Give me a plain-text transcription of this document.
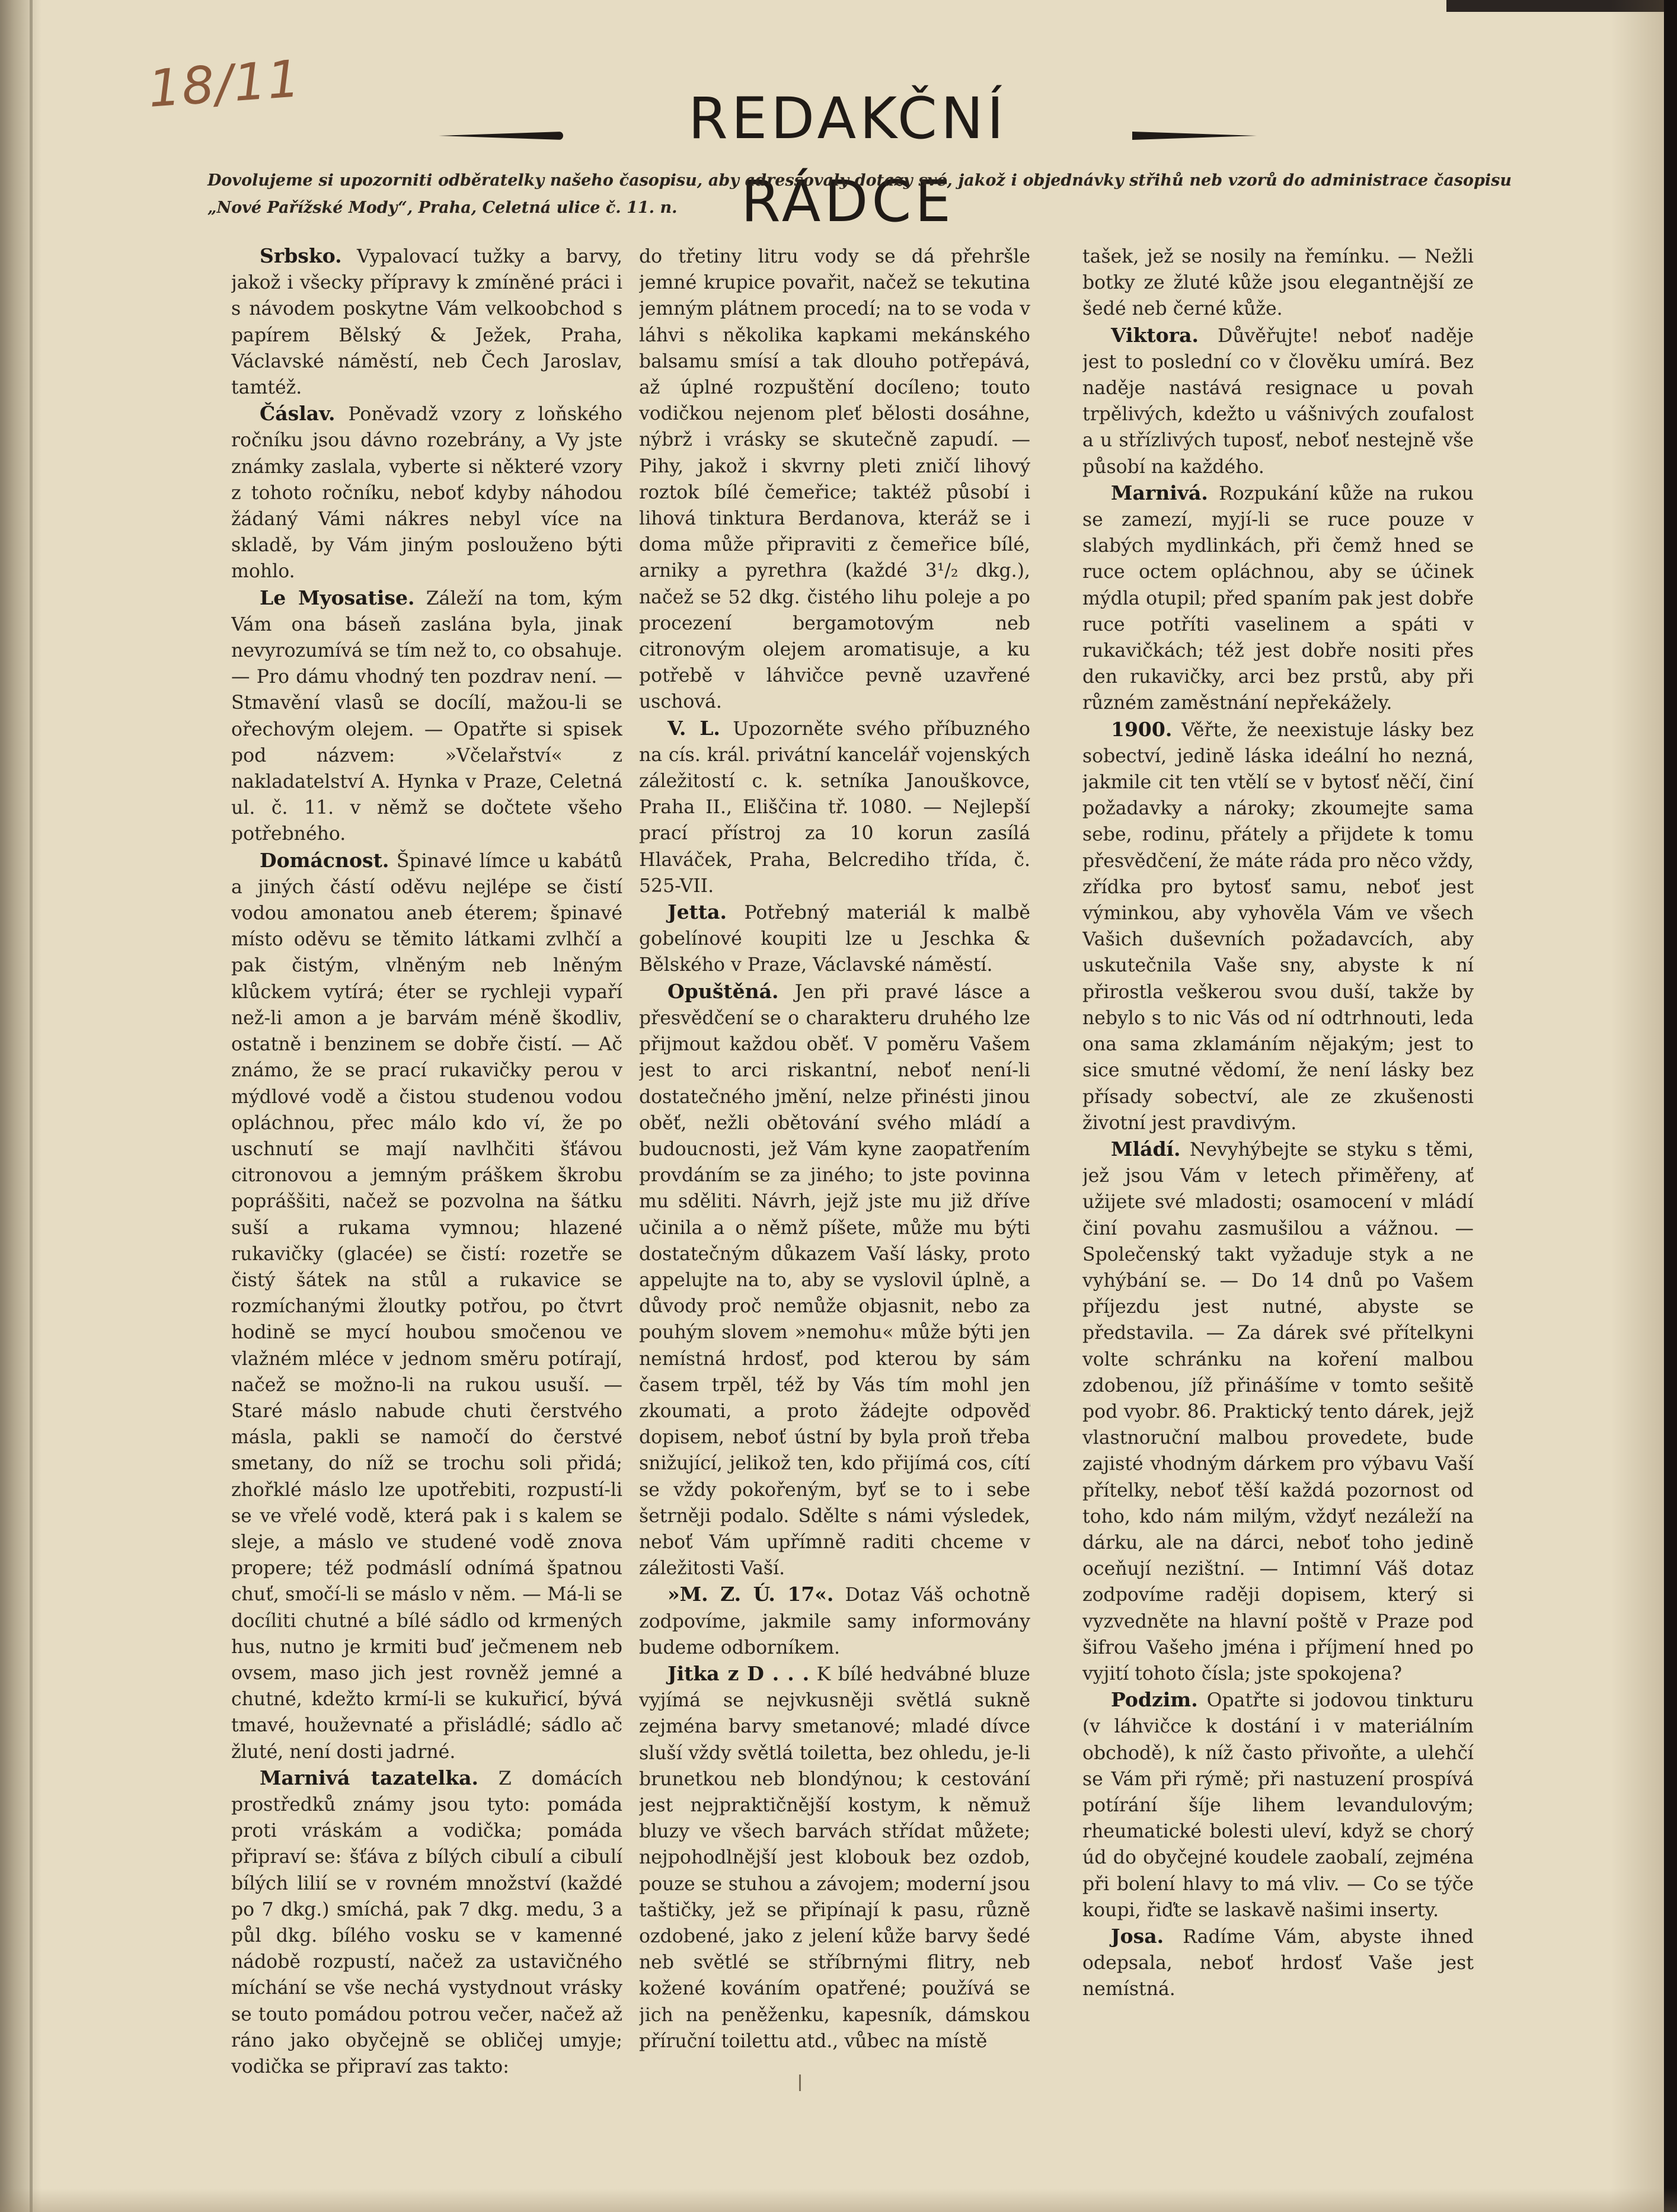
18/11	REDAKČNÍ RÁDCE
Dovolujeme si upozorniti odběratelky našeho časopisu, aby adressovaly dotazy své, jakož i objednávky střihů neb vzorů do administrace časopisu „Nové Pařížské Mody“, Praha, Celetná ulice č. 11. n.

Srbsko. Vypalovací tužky a barvy, jakož i všecky přípravy k zmíněné práci i s návodem poskytne Vám velkoobchod s papírem Bělský & Ježek, Praha, Václavské náměstí, neb Čech Jaroslav, tamtéž.

Čáslav. Poněvadž vzory z loňského ročníku jsou dávno rozebrány, a Vy jste známky zaslala, vyberte si některé vzory z tohoto ročníku, neboť kdyby náhodou žádaný Vámi nákres nebyl více na skladě, by Vám jiným poslouženo býti mohlo.

Le Myosatise. Záleží na tom, kým Vám ona báseň zaslána byla, jinak nevyrozumívá se tím než to, co obsahuje. — Pro dámu vhodný ten pozdrav není. — Stmavění vlasů se docílí, mažou-li se ořechovým olejem. — Opatřte si spisek pod názvem: »Včelařství« z nakladatelství A. Hynka v Praze, Celetná ul. č. 11. v němž se dočtete všeho potřebného.

Domácnost. Špinavé límce u kabátů a jiných částí oděvu nejlépe se čistí vodou amonatou aneb éterem; špinavé místo oděvu se těmito látkami zvlhčí a pak čistým, vlněným neb lněným klůckem vytírá; éter se rychleji vypaří než-li amon a je barvám méně škodliv, ostatně i benzinem se dobře čistí. — Ač známo, že se prací rukavičky perou v mýdlové vodě a čistou studenou vodou opláchnou, přec málo kdo ví, že po uschnutí se mají navlhčiti šťávou citronovou a jemným práškem škrobu popráššiti, načež se pozvolna na šátku suší a rukama vymnou; hlazené rukavičky (glacée) se čistí: rozetře se čistý šátek na stůl a rukavice se rozmíchanými žloutky potřou, po čtvrt hodině se mycí houbou smočenou ve vlažném mléce v jednom směru potírají, načež se možno-li na rukou usuší. — Staré máslo nabude chuti čerstvého másla, pakli se namočí do čerstvé smetany, do níž se trochu soli přidá; zhořklé máslo lze upotřebiti, rozpustí-li se ve vřelé vodě, která pak i s kalem se sleje, a máslo ve studené vodě znova propere; též podmáslí odnímá špatnou chuť, smočí-li se máslo v něm. — Má-li se docíliti chutné a bílé sádlo od krmených hus, nutno je krmiti buď ječmenem neb ovsem, maso jich jest rovněž jemné a chutné, kdežto krmí-li se kukuřicí, bývá tmavé, houževnaté a přisládlé; sádlo ač žluté, není dosti jadrné.

Marnivá tazatelka. Z domácích prostředků známy jsou tyto: pomáda proti vráskám a vodička; pomáda připraví se: šťáva z bílých cibulí a cibulí bílých lilií se v rovném množství (každé po 7 dkg.) smíchá, pak 7 dkg. medu, 3 a půl dkg. bílého vosku se v kamenné nádobě rozpustí, načež za ustavičného míchání se vše nechá vystydnout vrásky se touto pomádou potrou večer, načež až ráno jako obyčejně se obličej umyje; vodička se připraví zas takto:

do třetiny litru vody se dá přehršle jemné krupice povařit, načež se tekutina jemným plátnem procedí; na to se voda v láhvi s několika kapkami mekánského balsamu smísí a tak dlouho potřepává, až úplné rozpuštění docíleno; touto vodičkou nejenom pleť bělosti dosáhne, nýbrž i vrásky se skutečně zapudí. — Pihy, jakož i skvrny pleti zničí lihový roztok bílé čemeřice; taktéž působí i lihová tinktura Berdanova, kteráž se i doma může připraviti z čemeřice bílé, arniky a pyrethra (každé 3¹/₂ dkg.), načež se 52 dkg. čistého lihu poleje a po procezení bergamotovým neb citronovým olejem aromatisuje, a ku potřebě v láhvičce pevně uzavřené uschová.

V. L. Upozorněte svého příbuzného na cís. král. privátní kancelář vojenských záležitostí c. k. setníka Janouškovce, Praha II., Eliščina tř. 1080. — Nejlepší prací přístroj za 10 korun zasílá Hlaváček, Praha, Belcrediho třída, č. 525-VII.

Jetta. Potřebný materiál k malbě gobelínové koupiti lze u Jeschka & Bělského v Praze, Václavské náměstí.

Opuštěná. Jen při pravé lásce a přesvědčení se o charakteru druhého lze přijmout každou oběť. V poměru Vašem jest to arci riskantní, neboť není-li dostatečného jmění, nelze přinésti jinou oběť, nežli obětování svého mládí a budoucnosti, jež Vám kyne zaopatřením provdáním se za jiného; to jste povinna mu sděliti. Návrh, jejž jste mu již dříve učinila a o němž píšete, může mu býti dostatečným důkazem Vaší lásky, proto appelujte na to, aby se vyslovil úplně, a důvody proč nemůže objasnit, nebo za pouhým slovem »nemohu« může býti jen nemístná hrdosť, pod kterou by sám časem trpěl, též by Vás tím mohl jen zkoumati, a proto žádejte odpověď dopisem, neboť ústní by byla proň třeba snižující, jelikož ten, kdo přijímá cos, cítí se vždy pokořeným, byť se to i sebe šetrněji podalo. Sdělte s námi výsledek, neboť Vám upřímně raditi chceme v záležitosti Vaší.

»M. Z. Ú. 17«. Dotaz Váš ochotně zodpovíme, jakmile samy informovány budeme odborníkem.

Jitka z D . . . K bílé hedvábné bluze vyjímá se nejvkusněji světlá sukně zejména barvy smetanové; mladé dívce sluší vždy světlá toiletta, bez ohledu, je-li brunetkou neb blondýnou; k cestování jest nejpraktičnější kostym, k němuž bluzy ve všech barvách střídat můžete; nejpohodlnější jest klobouk bez ozdob, pouze se stuhou a závojem; moderní jsou taštičky, jež se připínají k pasu, různě ozdobené, jako z jelení kůže barvy šedé neb světlé se stříbrnými flitry, neb kožené kováním opatřené; používá se jich na peněženku, kapesník, dámskou příruční toilettu atd., vůbec na místě

tašek, jež se nosily na řemínku. — Nežli botky ze žluté kůže jsou elegantnější ze šedé neb černé kůže.

Viktora. Důvěřujte! neboť naděje jest to poslední co v člověku umírá. Bez naděje nastává resignace u povah trpělivých, kdežto u vášnivých zoufalost a u střízlivých tuposť, neboť nestejně vše působí na každého.

Marnivá. Rozpukání kůže na rukou se zamezí, myjí-li se ruce pouze v slabých mydlinkách, při čemž hned se ruce octem opláchnou, aby se účinek mýdla otupil; před spaním pak jest dobře ruce potříti vaselinem a spáti v rukavičkách; též jest dobře nositi přes den rukavičky, arci bez prstů, aby při různém zaměstnání nepřekážely.

1900. Věřte, že neexistuje lásky bez sobectví, jedině láska ideální ho nezná, jakmile cit ten vtělí se v bytosť něčí, činí požadavky a nároky; zkoumejte sama sebe, rodinu, přátely a přijdete k tomu přesvědčení, že máte ráda pro něco vždy, zřídka pro bytosť samu, neboť jest výminkou, aby vyhověla Vám ve všech Vašich duševních požadavcích, aby uskutečnila Vaše sny, abyste k ní přirostla veškerou svou duší, takže by nebylo s to nic Vás od ní odtrhnouti, leda ona sama zklamáním nějakým; jest to sice smutné vědomí, že není lásky bez přísady sobectví, ale ze zkušenosti životní jest pravdivým.

Mládí. Nevyhýbejte se styku s těmi, jež jsou Vám v letech přiměřeny, ať užijete své mladosti; osamocení v mládí činí povahu zasmušilou a vážnou. — Společenský takt vyžaduje styk a ne vyhýbání se. — Do 14 dnů po Vašem příjezdu jest nutné, abyste se představila. — Za dárek své přítelkyni volte schránku na koření malbou zdobenou, jíž přinášíme v tomto sešitě pod vyobr. 86. Praktický tento dárek, jejž vlastnoruční malbou provedete, bude zajisté vhodným dárkem pro výbavu Vaší přítelky, neboť těší každá pozornost od toho, kdo nám milým, vždyť nezáleží na dárku, ale na dárci, neboť toho jedině oceňují nezištní. — Intimní Váš dotaz zodpovíme raději dopisem, který si vyzvedněte na hlavní poště v Praze pod šifrou Vašeho jména i příjmení hned po vyjití tohoto čísla; jste spokojena?

Podzim. Opatřte si jodovou tinkturu (v láhvičce k dostání i v materiálním obchodě), k níž často přivoňte, a ulehčí se Vám při rýmě; při nastuzení prospívá potírání šíje lihem levandulovým; rheumatické bolesti uleví, když se chorý úd do obyčejné koudele zaobalí, zejména při bolení hlavy to má vliv. — Co se týče koupi, řiďte se laskavě našimi inserty.

Josa. Radíme Vám, abyste ihned odepsala, neboť hrdosť Vaše jest nemístná.
